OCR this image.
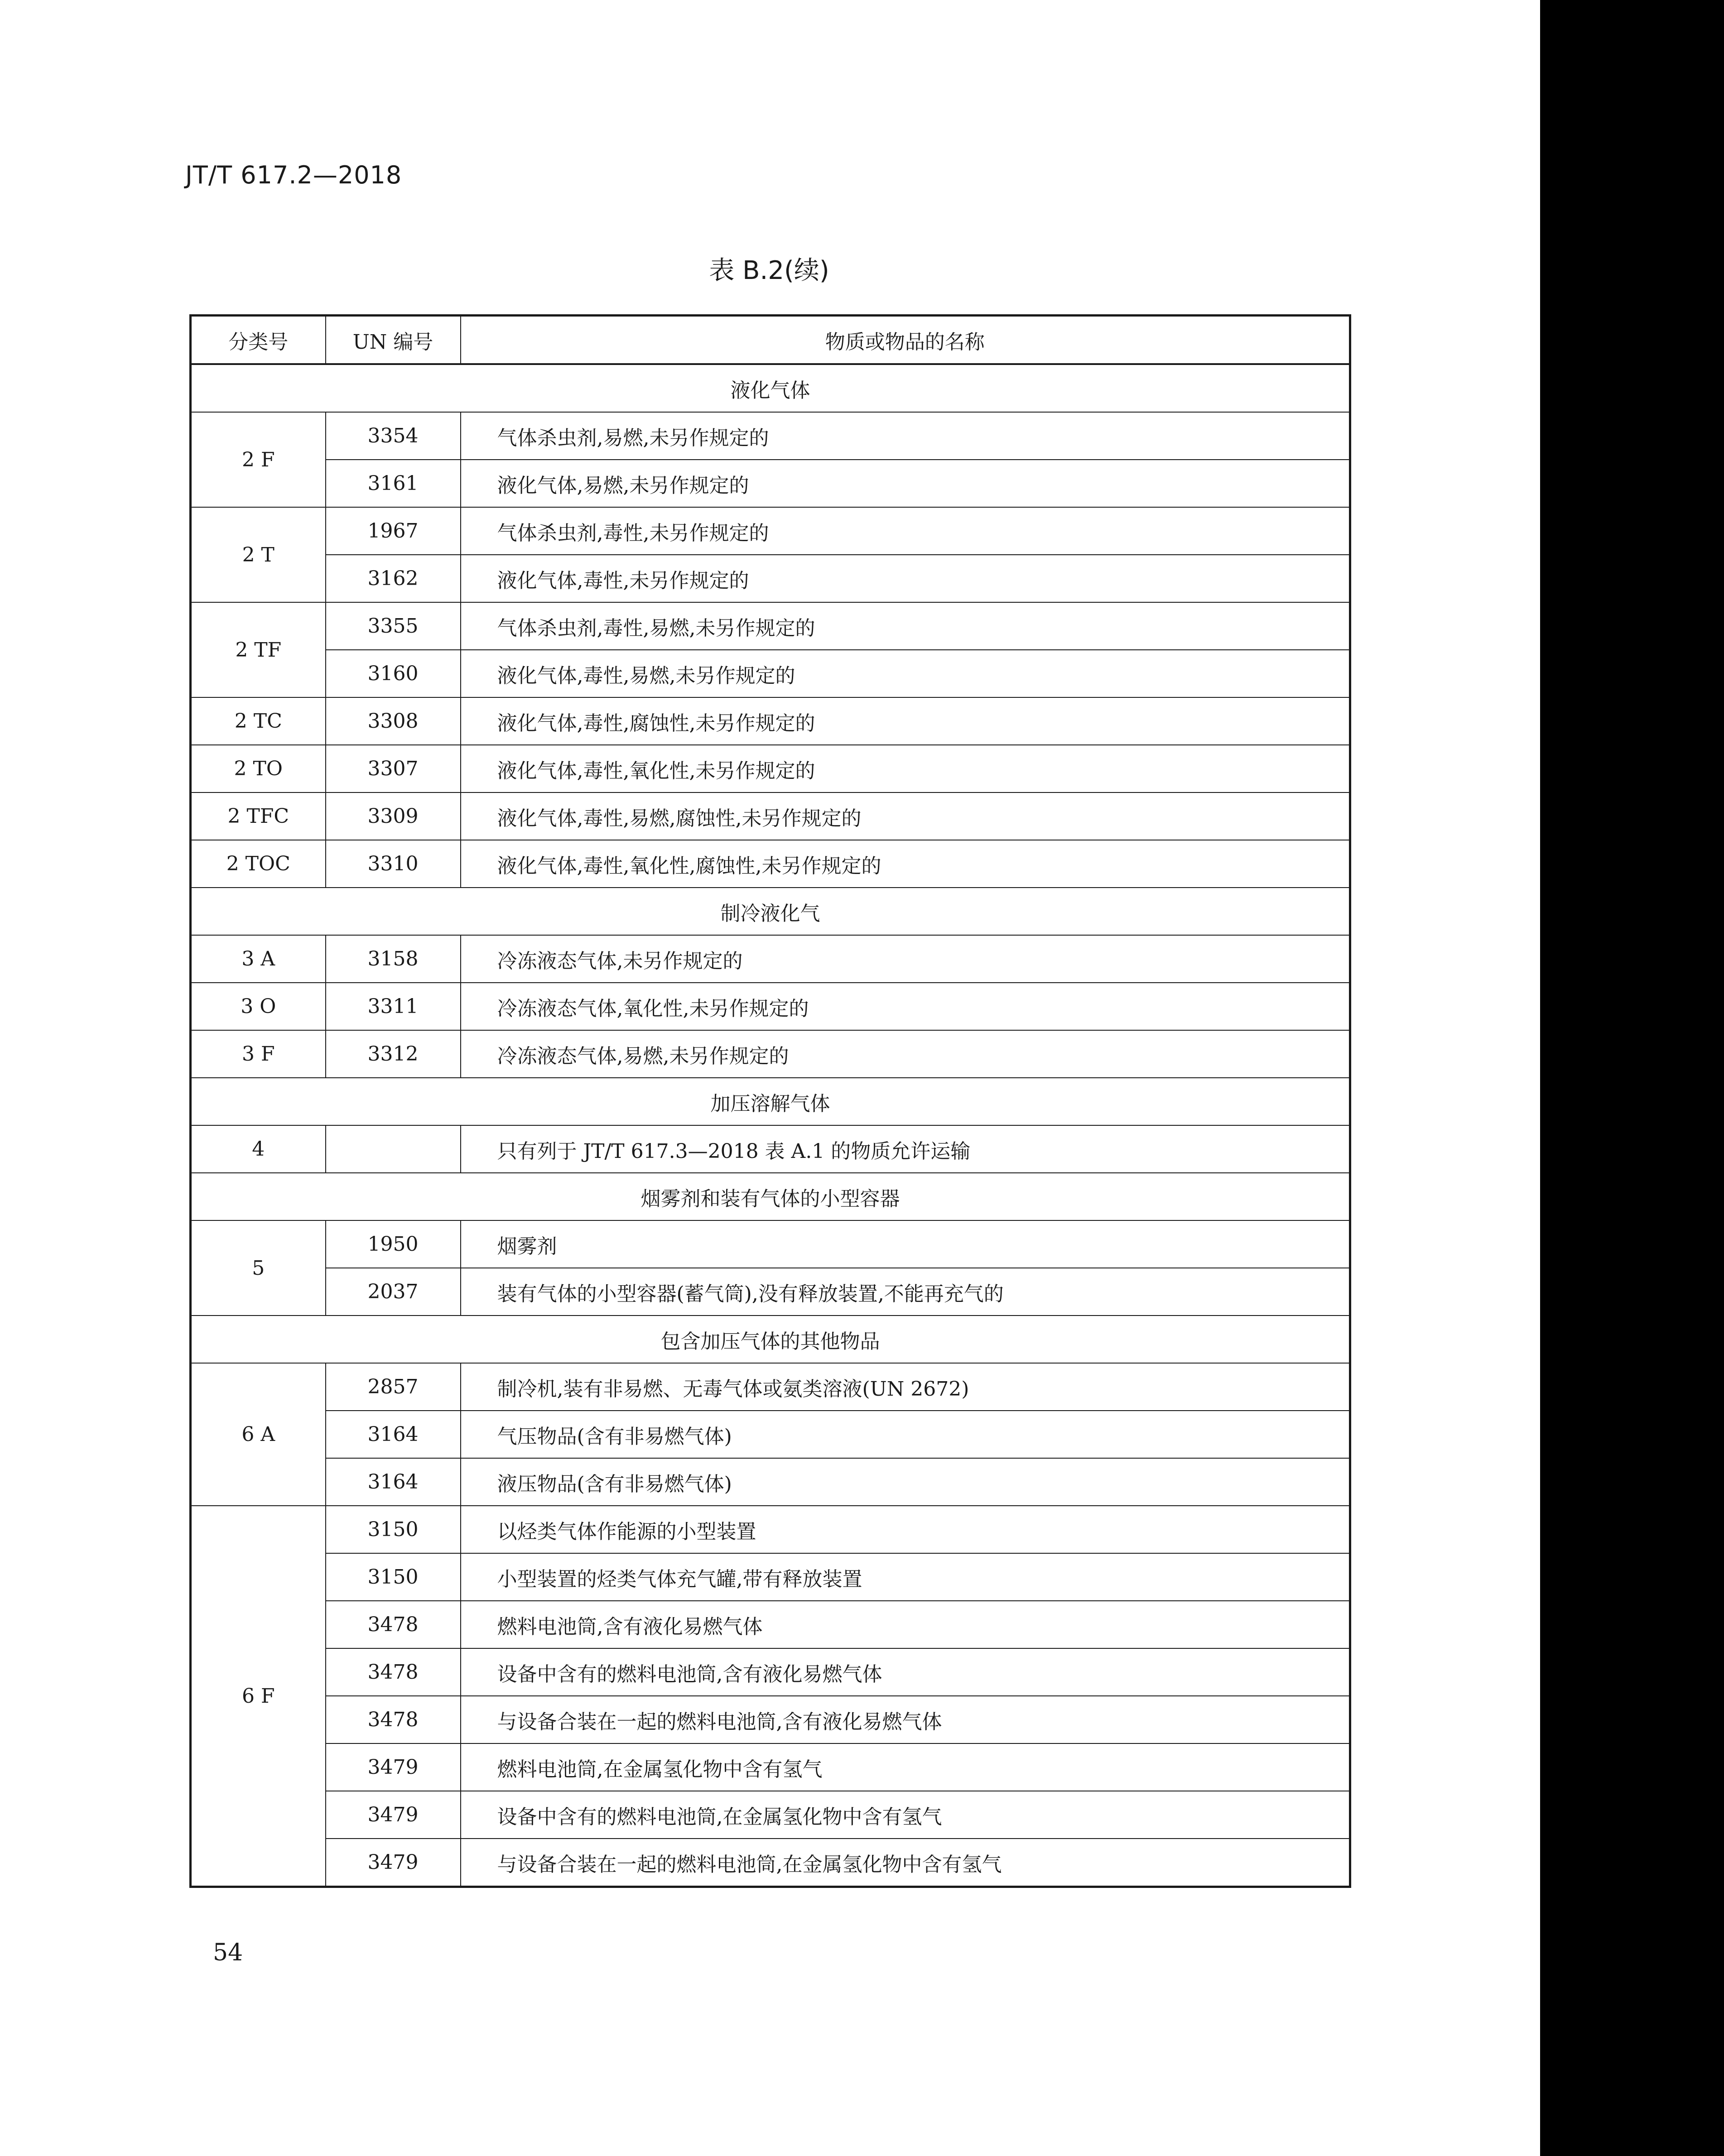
JT/T 617.2—2018
表 B.2(续)
分类号	UN 编号	物质或物品的名称
液化气体		
2 F	3354	气体杀虫剂,易燃,未另作规定的
	3161	液化气体,易燃,未另作规定的
2 T	1967	气体杀虫剂,毒性,未另作规定的
	3162	液化气体,毒性,未另作规定的
2 TF	3355	气体杀虫剂,毒性,易燃,未另作规定的
	3160	液化气体,毒性,易燃,未另作规定的
2 TC	3308	液化气体,毒性,腐蚀性,未另作规定的
2 TO	3307	液化气体,毒性,氧化性,未另作规定的
2 TFC	3309	液化气体,毒性,易燃,腐蚀性,未另作规定的
2 TOC	3310	液化气体,毒性,氧化性,腐蚀性,未另作规定的
制冷液化气		
3 A	3158	冷冻液态气体,未另作规定的
3 O	3311	冷冻液态气体,氧化性,未另作规定的
3 F	3312	冷冻液态气体,易燃,未另作规定的
加压溶解气体		
4		只有列于 JT/T 617.3—2018 表 A.1 的物质允许运输
烟雾剂和装有气体的小型容器		
5	1950	烟雾剂
	2037	装有气体的小型容器(蓄气筒),没有释放装置,不能再充气的
包含加压气体的其他物品		
6 A	2857	制冷机,装有非易燃、无毒气体或氨类溶液(UN 2672)
	3164	气压物品(含有非易燃气体)
	3164	液压物品(含有非易燃气体)
6 F	3150	以烃类气体作能源的小型装置
	3150	小型装置的烃类气体充气罐,带有释放装置
	3478	燃料电池筒,含有液化易燃气体
	3478	设备中含有的燃料电池筒,含有液化易燃气体
	3478	与设备合装在一起的燃料电池筒,含有液化易燃气体
	3479	燃料电池筒,在金属氢化物中含有氢气
	3479	设备中含有的燃料电池筒,在金属氢化物中含有氢气
	3479	与设备合装在一起的燃料电池筒,在金属氢化物中含有氢气
54
